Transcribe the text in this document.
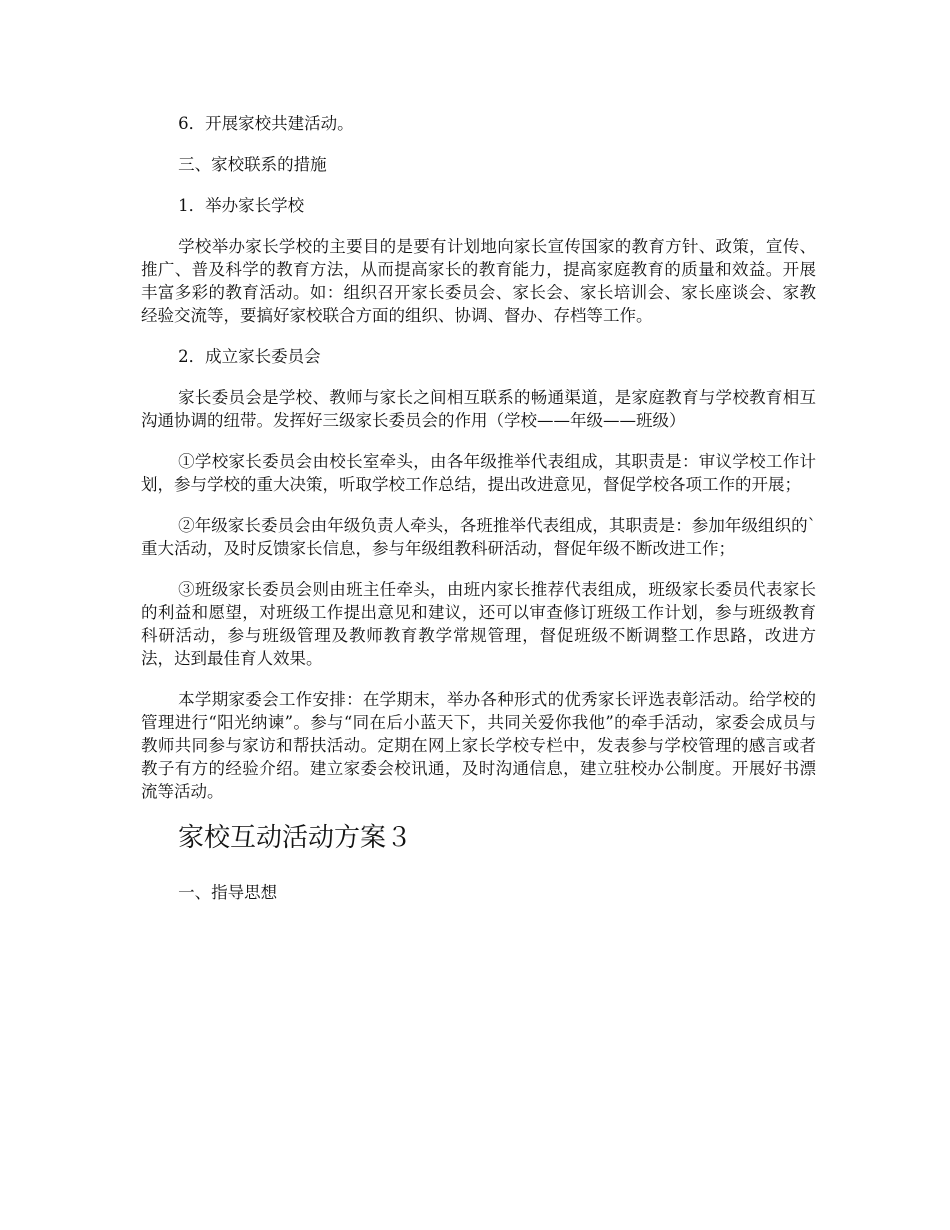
6．开展家校共建活动。

三、家校联系的措施

1．举办家长学校

学校举办家长学校的主要目的是要有计划地向家长宣传国家的教育方针、政策，宣传、推广、普及科学的教育方法，从而提高家长的教育能力，提高家庭教育的质量和效益。开展丰富多彩的教育活动。如：组织召开家长委员会、家长会、家长培训会、家长座谈会、家教经验交流等，要搞好家校联合方面的组织、协调、督办、存档等工作。

2．成立家长委员会

家长委员会是学校、教师与家长之间相互联系的畅通渠道，是家庭教育与学校教育相互沟通协调的纽带。发挥好三级家长委员会的作用（学校——年级——班级）

①学校家长委员会由校长室牵头，由各年级推举代表组成，其职责是：审议学校工作计划，参与学校的重大决策，听取学校工作总结，提出改进意见，督促学校各项工作的开展；

②年级家长委员会由年级负责人牵头，各班推举代表组成，其职责是：参加年级组织的`重大活动，及时反馈家长信息，参与年级组教科研活动，督促年级不断改进工作；

③班级家长委员会则由班主任牵头，由班内家长推荐代表组成，班级家长委员代表家长的利益和愿望，对班级工作提出意见和建议，还可以审查修订班级工作计划，参与班级教育科研活动，参与班级管理及教师教育教学常规管理，督促班级不断调整工作思路，改进方法，达到最佳育人效果。

本学期家委会工作安排：在学期末，举办各种形式的优秀家长评选表彰活动。给学校的管理进行“阳光纳谏”。参与“同在后小蓝天下，共同关爱你我他”的牵手活动，家委会成员与教师共同参与家访和帮扶活动。定期在网上家长学校专栏中，发表参与学校管理的感言或者教子有方的经验介绍。建立家委会校讯通，及时沟通信息，建立驻校办公制度。开展好书漂流等活动。

家校互动活动方案３

一、指导思想
